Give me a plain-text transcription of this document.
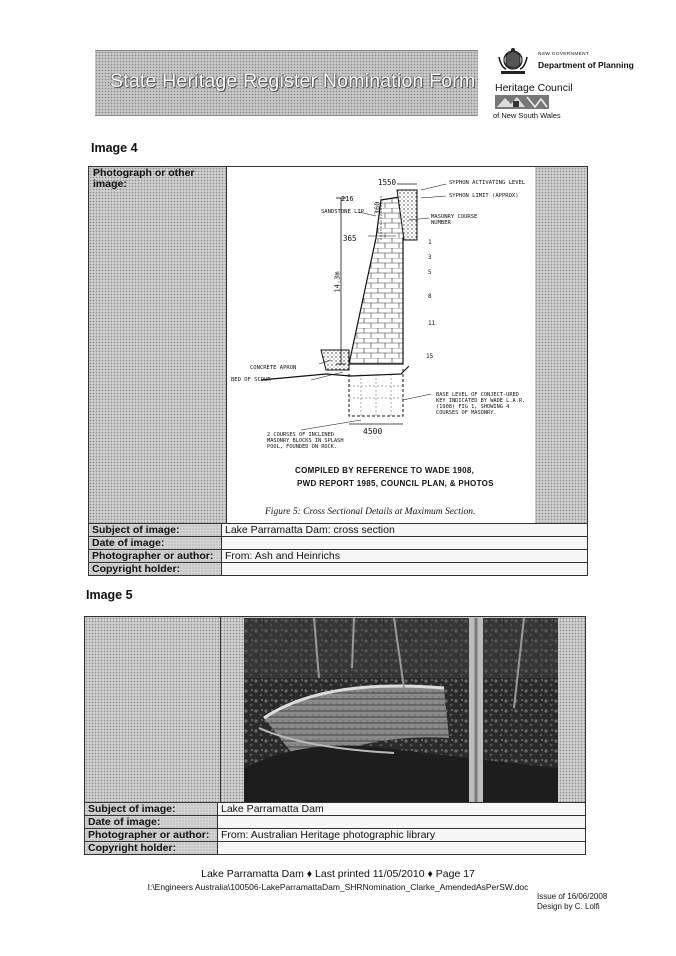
State Heritage Register Nomination Form
NSW GOVERNMENT
Department of Planning
Heritage Council
of New South Wales
Image 4
Photograph or other image:	1550
216
360
365
14.3m
4500
SYPHON ACTIVATING LEVEL
SYPHON LIMIT (APPROX)
SANDSTONE LIP
MASONRY COURSE NUMBER
1
3
5
8
11
15
CONCRETE APRON
BED OF SCOUR
BASE LEVEL OF CONJECT-URED KEY INDICATED BY WADE L.A.R. (1908) FIG 1, SHOWING 4 COURSES OF MASONRY.
2 COURSES OF INCLINED MASONRY BLOCKS IN SPLASH POOL, FOUNDED ON ROCK.
COMPILED BY REFERENCE TO WADE 1908,
PWD REPORT 1985, COUNCIL PLAN, & PHOTOS
Figure 5: Cross Sectional Details at Maximum Section.
Subject of image:	Lake Parramatta Dam: cross section
Date of image:	
Photographer or author:	From: Ash and Heinrichs
Copyright holder:	
Image 5
Subject of image:	Lake Parramatta Dam
Date of image:	
Photographer or author:	From: Australian Heritage photographic library
Copyright holder:	
Lake Parramatta Dam ♦ Last printed 11/05/2010 ♦ Page 17
I:\Engineers Australia\100506-LakeParramattaDam_SHRNomination_Clarke_AmendedAsPerSW.doc
Issue of 16/06/2008
Design by C. Lolfi
